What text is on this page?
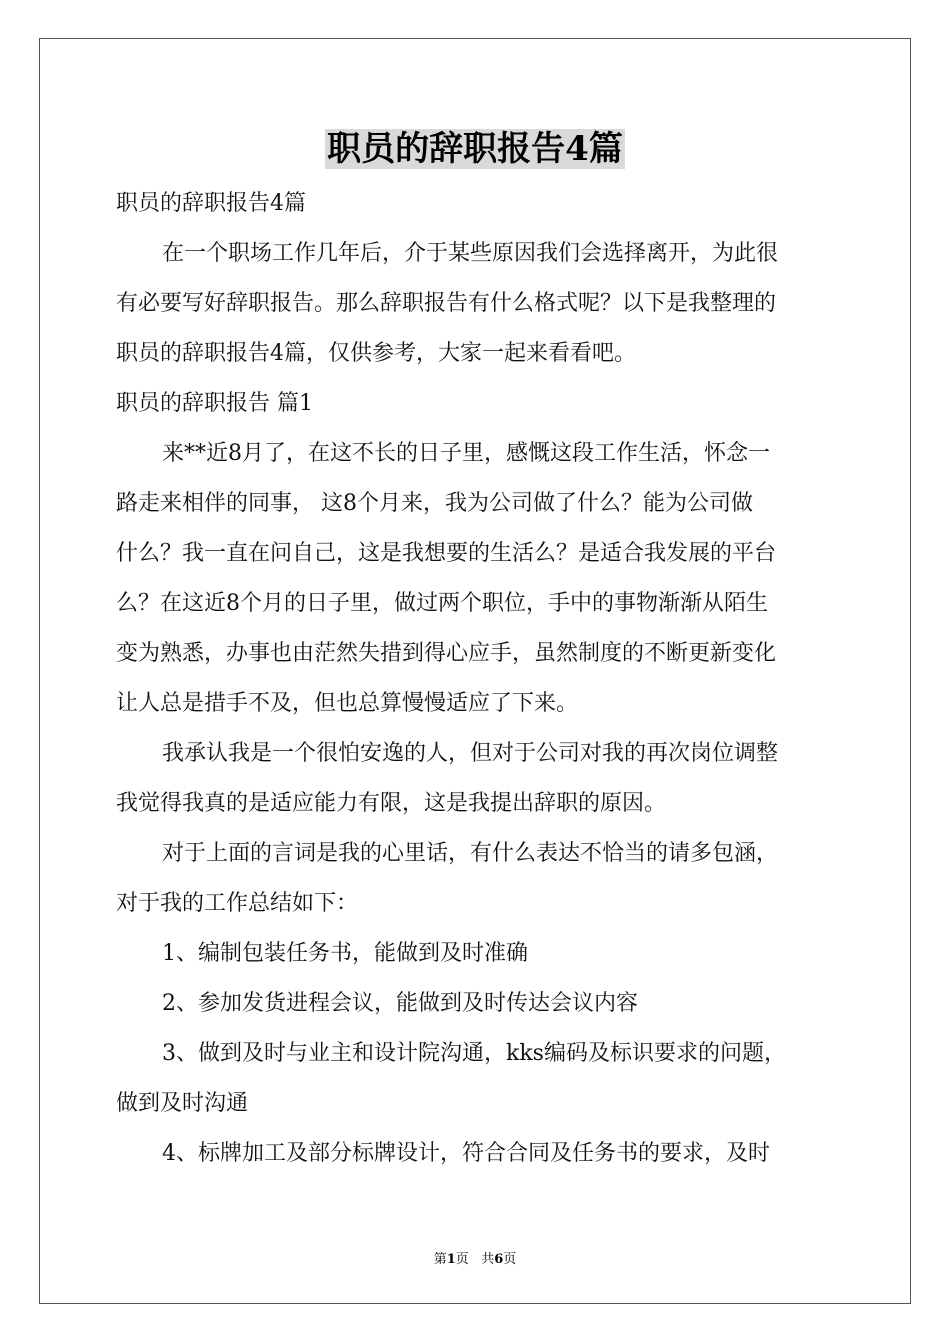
职员的辞职报告4篇
职员的辞职报告4篇
在一个职场工作几年后，介于某些原因我们会选择离开，为此很
有必要写好辞职报告。那么辞职报告有什么格式呢？以下是我整理的
职员的辞职报告4篇，仅供参考，大家一起来看看吧。
职员的辞职报告 篇1
来**近8月了，在这不长的日子里，感慨这段工作生活，怀念一
路走来相伴的同事， 这8个月来，我为公司做了什么？能为公司做
什么？我一直在问自己，这是我想要的生活么？是适合我发展的平台
么？在这近8个月的日子里，做过两个职位，手中的事物渐渐从陌生
变为熟悉，办事也由茫然失措到得心应手，虽然制度的不断更新变化
让人总是措手不及，但也总算慢慢适应了下来。
我承认我是一个很怕安逸的人，但对于公司对我的再次岗位调整
我觉得我真的是适应能力有限，这是我提出辞职的原因。
对于上面的言词是我的心里话，有什么表达不恰当的请多包涵，
对于我的工作总结如下：
1、编制包装任务书，能做到及时准确
2、参加发货进程会议，能做到及时传达会议内容
3、做到及时与业主和设计院沟通，kks编码及标识要求的问题，
做到及时沟通
4、标牌加工及部分标牌设计，符合合同及任务书的要求，及时
第1页 共6页
